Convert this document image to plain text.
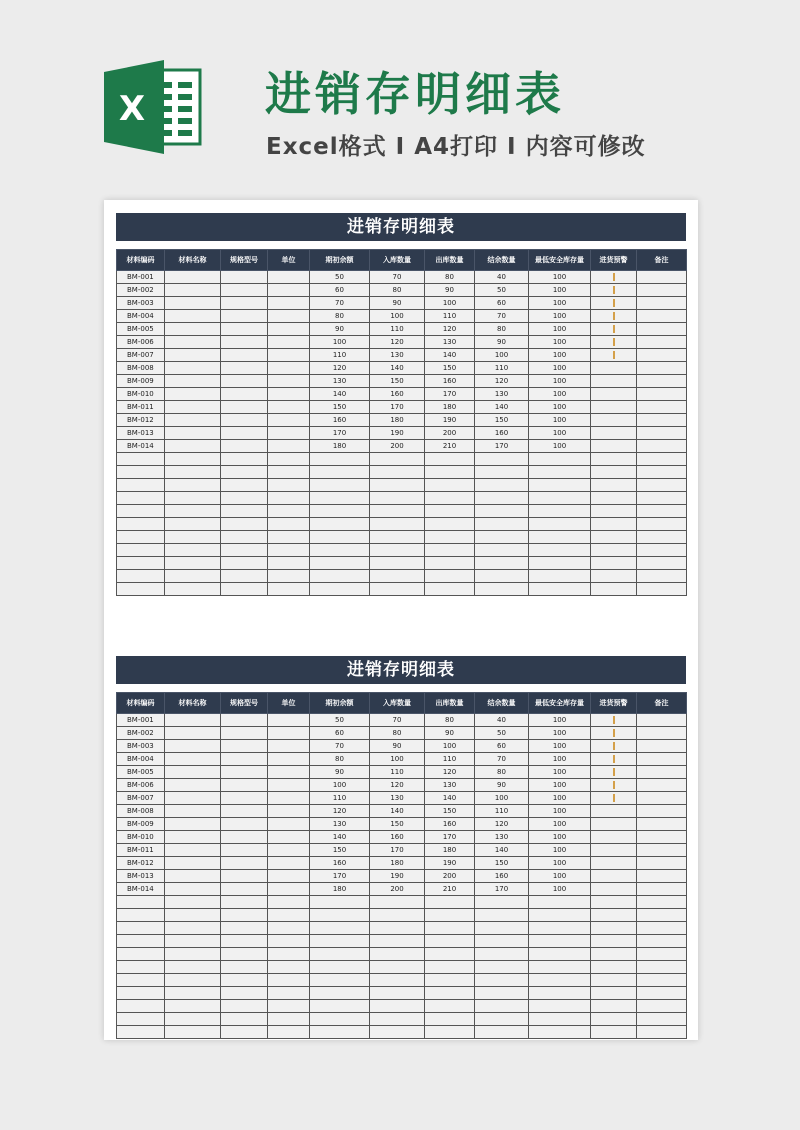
X	进销存明细表
Excel格式 Ι A4打印 Ι 内容可修改
进销存明细表
材料编码	材料名称	规格型号	单位	期初余额	入库数量	出库数量	结余数量	最低安全库存量	进货预警	备注
BM-001				50	70	80	40	100		
BM-002				60	80	90	50	100		
BM-003				70	90	100	60	100		
BM-004				80	100	110	70	100		
BM-005				90	110	120	80	100		
BM-006				100	120	130	90	100		
BM-007				110	130	140	100	100		
BM-008				120	140	150	110	100		
BM-009				130	150	160	120	100		
BM-010				140	160	170	130	100		
BM-011				150	170	180	140	100		
BM-012				160	180	190	150	100		
BM-013				170	190	200	160	100		
BM-014				180	200	210	170	100		

进销存明细表
材料编码	材料名称	规格型号	单位	期初余额	入库数量	出库数量	结余数量	最低安全库存量	进货预警	备注
BM-001				50	70	80	40	100		
BM-002				60	80	90	50	100		
BM-003				70	90	100	60	100		
BM-004				80	100	110	70	100		
BM-005				90	110	120	80	100		
BM-006				100	120	130	90	100		
BM-007				110	130	140	100	100		
BM-008				120	140	150	110	100		
BM-009				130	150	160	120	100		
BM-010				140	160	170	130	100		
BM-011				150	170	180	140	100		
BM-012				160	180	190	150	100		
BM-013				170	190	200	160	100		
BM-014				180	200	210	170	100		
